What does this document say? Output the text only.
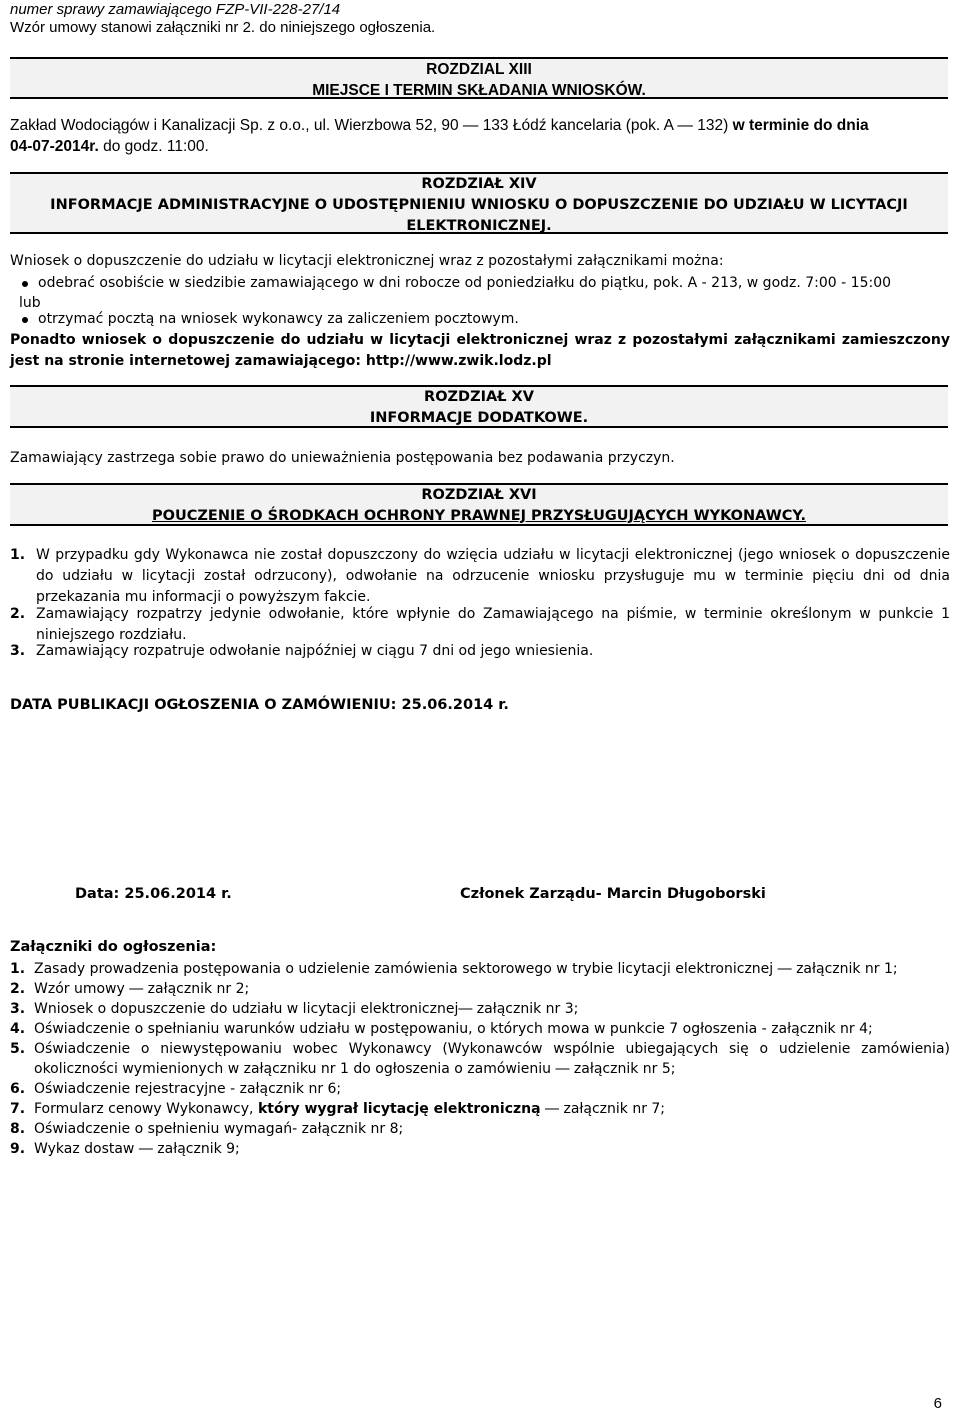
numer sprawy zamawiającego FZP-VII-228-27/14
Wzór umowy stanowi załączniki nr 2. do niniejszego ogłoszenia.
ROZDZIAL XIII
MIEJSCE I TERMIN SKŁADANIA WNIOSKÓW.
Zakład Wodociągów i Kanalizacji Sp. z o.o., ul. Wierzbowa 52, 90 ― 133 Łódź kancelaria (pok. A ― 132) w terminie do dnia
04-07-2014r. do godz. 11:00.
ROZDZIAŁ XIV
INFORMACJE ADMINISTRACYJNE O UDOSTĘPNIENIU WNIOSKU O DOPUSZCZENIE DO UDZIAŁU W LICYTACJI ELEKTRONICZNEJ.
Wniosek o dopuszczenie do udziału w licytacji elektronicznej wraz z pozostałymi załącznikami można:
odebrać osobiście w siedzibie zamawiającego w dni robocze od poniedziałku do piątku, pok. A - 213, w godz. 7:00 - 15:00
lub
otrzymać pocztą na wniosek wykonawcy za zaliczeniem pocztowym.
Ponadto wniosek o dopuszczenie do udziału w licytacji elektronicznej wraz z pozostałymi załącznikami zamieszczony jest na stronie internetowej zamawiającego: http://www.zwik.lodz.pl
ROZDZIAŁ XV
INFORMACJE DODATKOWE.
Zamawiający zastrzega sobie prawo do unieważnienia postępowania bez podawania przyczyn.
ROZDZIAŁ XVI
POUCZENIE O ŚRODKACH OCHRONY PRAWNEJ PRZYSŁUGUJĄCYCH WYKONAWCY.
1. W przypadku gdy Wykonawca nie został dopuszczony do wzięcia udziału w licytacji elektronicznej (jego wniosek o dopuszczenie do udziału w licytacji został odrzucony), odwołanie na odrzucenie wniosku przysługuje mu w terminie pięciu dni od dnia przekazania mu informacji o powyższym fakcie.
2. Zamawiający rozpatrzy jedynie odwołanie, które wpłynie do Zamawiającego na piśmie, w terminie określonym w punkcie 1 niniejszego rozdziału.
3. Zamawiający rozpatruje odwołanie najpóźniej w ciągu 7 dni od jego wniesienia.
DATA PUBLIKACJI OGŁOSZENIA O ZAMÓWIENIU: 25.06.2014 r.
Data: 25.06.2014 r.	Członek Zarządu- Marcin Długoborski
Załączniki do ogłoszenia:
1. Zasady prowadzenia postępowania o udzielenie zamówienia sektorowego w trybie licytacji elektronicznej ― załącznik nr 1;
2. Wzór umowy ― załącznik nr 2;
3. Wniosek o dopuszczenie do udziału w licytacji elektronicznej― załącznik nr 3;
4. Oświadczenie o spełnianiu warunków udziału w postępowaniu, o których mowa w punkcie 7 ogłoszenia - załącznik nr 4;
5. Oświadczenie o niewystępowaniu wobec Wykonawcy (Wykonawców wspólnie ubiegających się o udzielenie zamówienia) okoliczności wymienionych w załączniku nr 1 do ogłoszenia o zamówieniu ― załącznik nr 5;
6. Oświadczenie rejestracyjne - załącznik nr 6;
7. Formularz cenowy Wykonawcy, który wygrał licytację elektroniczną ― załącznik nr 7;
8. Oświadczenie o spełnieniu wymagań- załącznik nr 8;
9. Wykaz dostaw ― załącznik 9;
6
